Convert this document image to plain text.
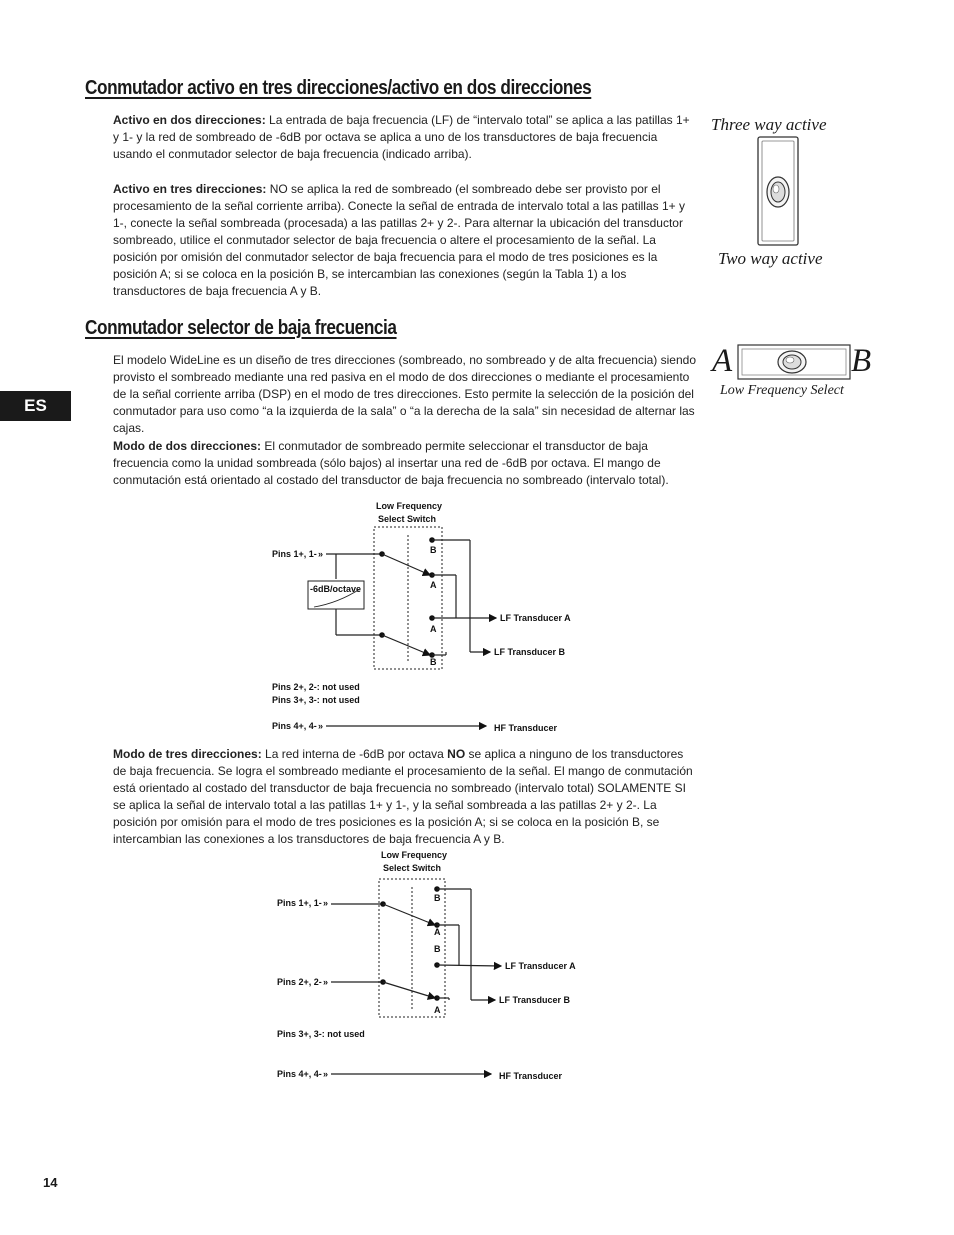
Conmutador activo en tres direcciones/activo en dos direcciones

Activo en dos direcciones: La entrada de baja frecuencia (LF) de “intervalo total” se aplica a las patillas 1+ y 1- y la red de sombreado de -6dB por octava se aplica a uno de los transductores de baja frecuencia usando el conmutador selector de baja frecuencia (indicado arriba).

Activo en tres direcciones: NO se aplica la red de sombreado (el sombreado debe ser provisto por el procesamiento de la señal corriente arriba). Conecte la señal de entrada de intervalo total a las patillas 1+ y 1-, conecte la señal sombreada (procesada) a las patillas 2+ y 2-. Para alternar la ubicación del transductor sombreado, utilice el conmutador selector de baja frecuencia o altere el procesamiento de la señal. La posición por omisión del conmutador selector de baja frecuencia para el modo de tres posiciones es la posición A; si se coloca en la posición B, se intercambian las conexiones (según la Tabla 1) a los transductores de baja frecuencia A y B.

Three way active
Two way active
Conmutador selector de baja frecuencia

El modelo WideLine es un diseño de tres direcciones (sombreado, no sombreado y de alta frecuencia) siendo provisto el sombreado mediante una red pasiva en el modo de dos direcciones o mediante el procesamiento de la señal corriente arriba (DSP) en el modo de tres direcciones. Esto permite la selección de la posición del conmutador para uso como “a la izquierda de la sala” o “a la derecha de la sala” sin necesidad de alternar las cajas.

Modo de dos direcciones: El conmutador de sombreado permite seleccionar el transductor de baja frecuencia como la unidad sombreada (sólo bajos) al insertar una red de -6dB por octava. El mango de conmutación está orientado al costado del transductor de baja frecuencia no sombreado (intervalo total).

A	B
Low Frequency Select
ES
Low Frequency
Select Switch
Pins 1+, 1- »	B
A
-6dB/octave
A
B
LF Transducer A
LF Transducer B
Pins 2+, 2-: not used
Pins 3+, 3-: not used
Pins 4+, 4- »	HF Transducer

Modo de tres direcciones: La red interna de -6dB por octava NO se aplica a ninguno de los transductores de baja frecuencia. Se logra el sombreado mediante el procesamiento de la señal. El mango de conmutación está orientado al costado del transductor de baja frecuencia no sombreado (intervalo total) SOLAMENTE SI se aplica la señal de intervalo total a las patillas 1+ y 1-, y la señal sombreada a las patillas 2+ y 2-. La posición por omisión para el modo de tres posiciones es la posición A; si se coloca en la posición B, se intercambian las conexiones a los transductores de baja frecuencia A y B.

Low Frequency
Select Switch
Pins 1+, 1- »	B
A
Pins 2+, 2- »
B
A
LF Transducer A
LF Transducer B
Pins 3+, 3-: not used
Pins 4+, 4- »	HF Transducer
14
